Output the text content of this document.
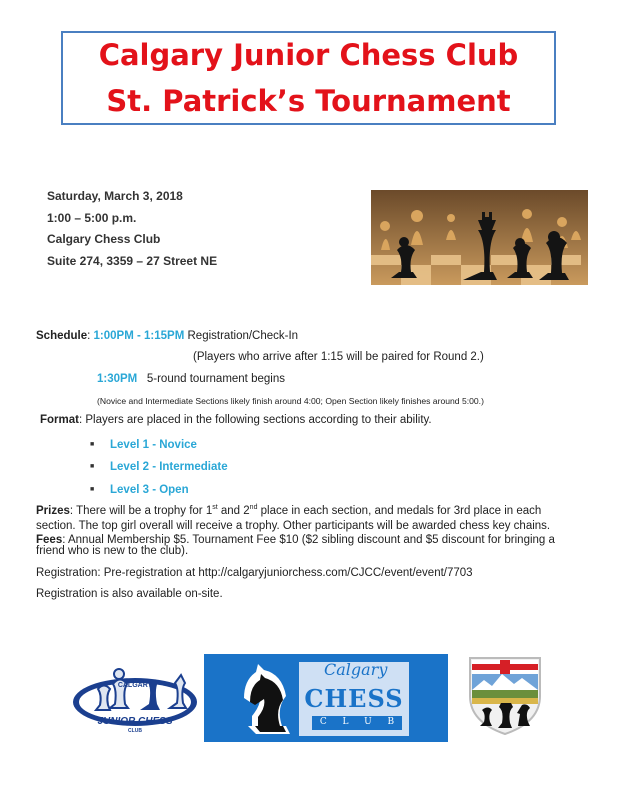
Calgary Junior Chess Club
St. Patrick’s Tournament
Saturday, March 3, 2018
1:00 – 5:00 p.m.
Calgary Chess Club
Suite 274, 3359 – 27 Street NE
Schedule: 1:00PM - 1:15PM Registration/Check-In
(Players who arrive after 1:15 will be paired for Round 2.)
1:30PM 5-round tournament begins
(Novice and Intermediate Sections likely finish around 4:00; Open Section likely finishes around 5:00.)
Format: Players are placed in the following sections according to their ability.
■ Level 1 - Novice
■ Level 2 - Intermediate
■ Level 3 - Open
Prizes: There will be a trophy for 1st and 2nd place in each section, and medals for 3rd place in each section. The top girl overall will receive a trophy. Other participants will be awarded chess key chains.
Fees: Annual Membership $5. Tournament Fee $10 ($2 sibling discount and $5 discount for bringing a friend who is new to the club).
Registration: Pre-registration at http://calgaryjuniorchess.com/CJCC/event/event/7703
Registration is also available on-site.
CALGARY
JUNIOR CHESS
CLUB
Calgary
CHESS
C L U B
